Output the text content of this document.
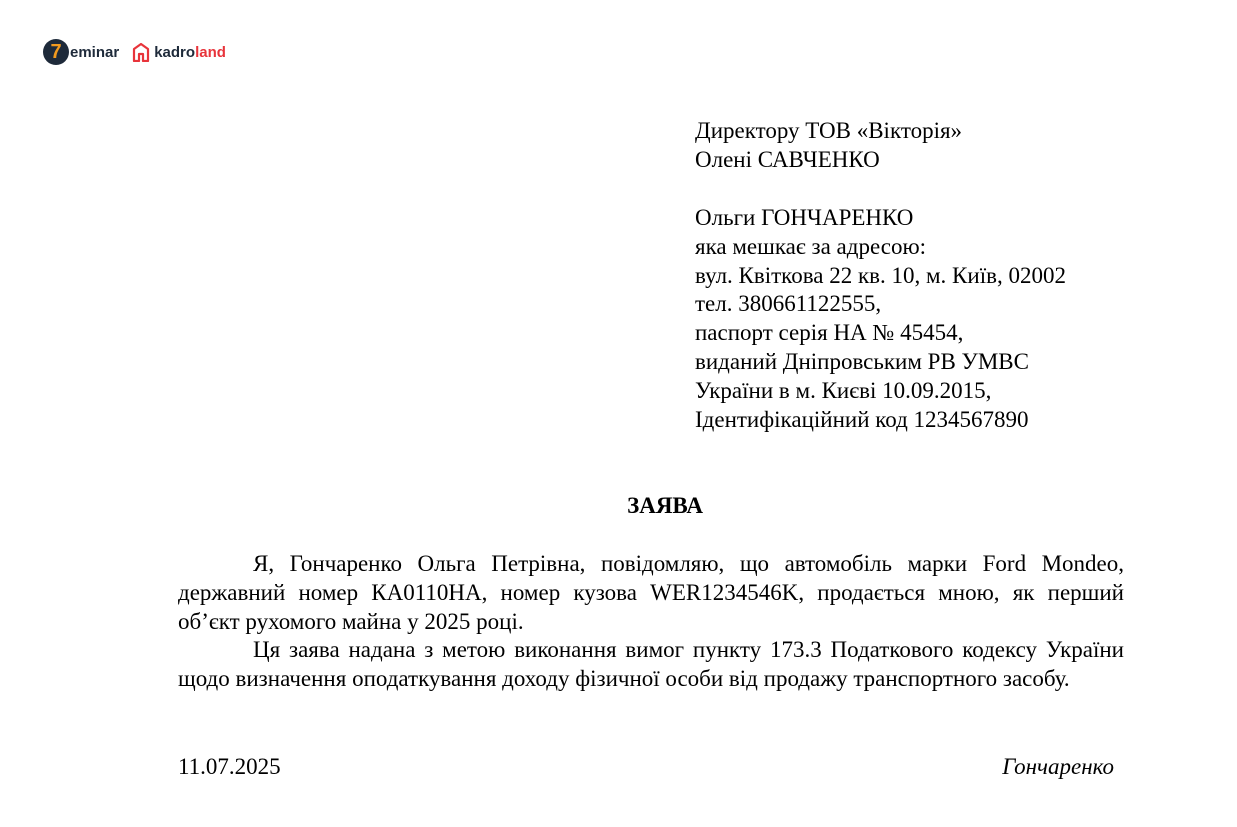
7 eminar kadro land
Директору ТОВ «Вікторія»
Олені САВЧЕНКО
Ольги ГОНЧАРЕНКО
яка мешкає за адресою:
вул. Квіткова 22 кв. 10, м. Київ, 02002
тел. 380661122555,
паспорт серія НА № 45454,
виданий Дніпровським РВ УМВС
України в м. Києві 10.09.2015,
Ідентифікаційний код 1234567890
ЗАЯВА

Я, Гончаренко Ольга Петрівна, повідомляю, що автомобіль марки Ford Mondeo, державний номер КА0110НА, номер кузова WER1234546K, продається мною, як перший об’єкт рухомого майна у 2025 році.

Ця заява надана з метою виконання вимог пункту 173.3 Податкового кодексу України щодо визначення оподаткування доходу фізичної особи від продажу транспортного засобу.

11.07.2025	Гончаренко
